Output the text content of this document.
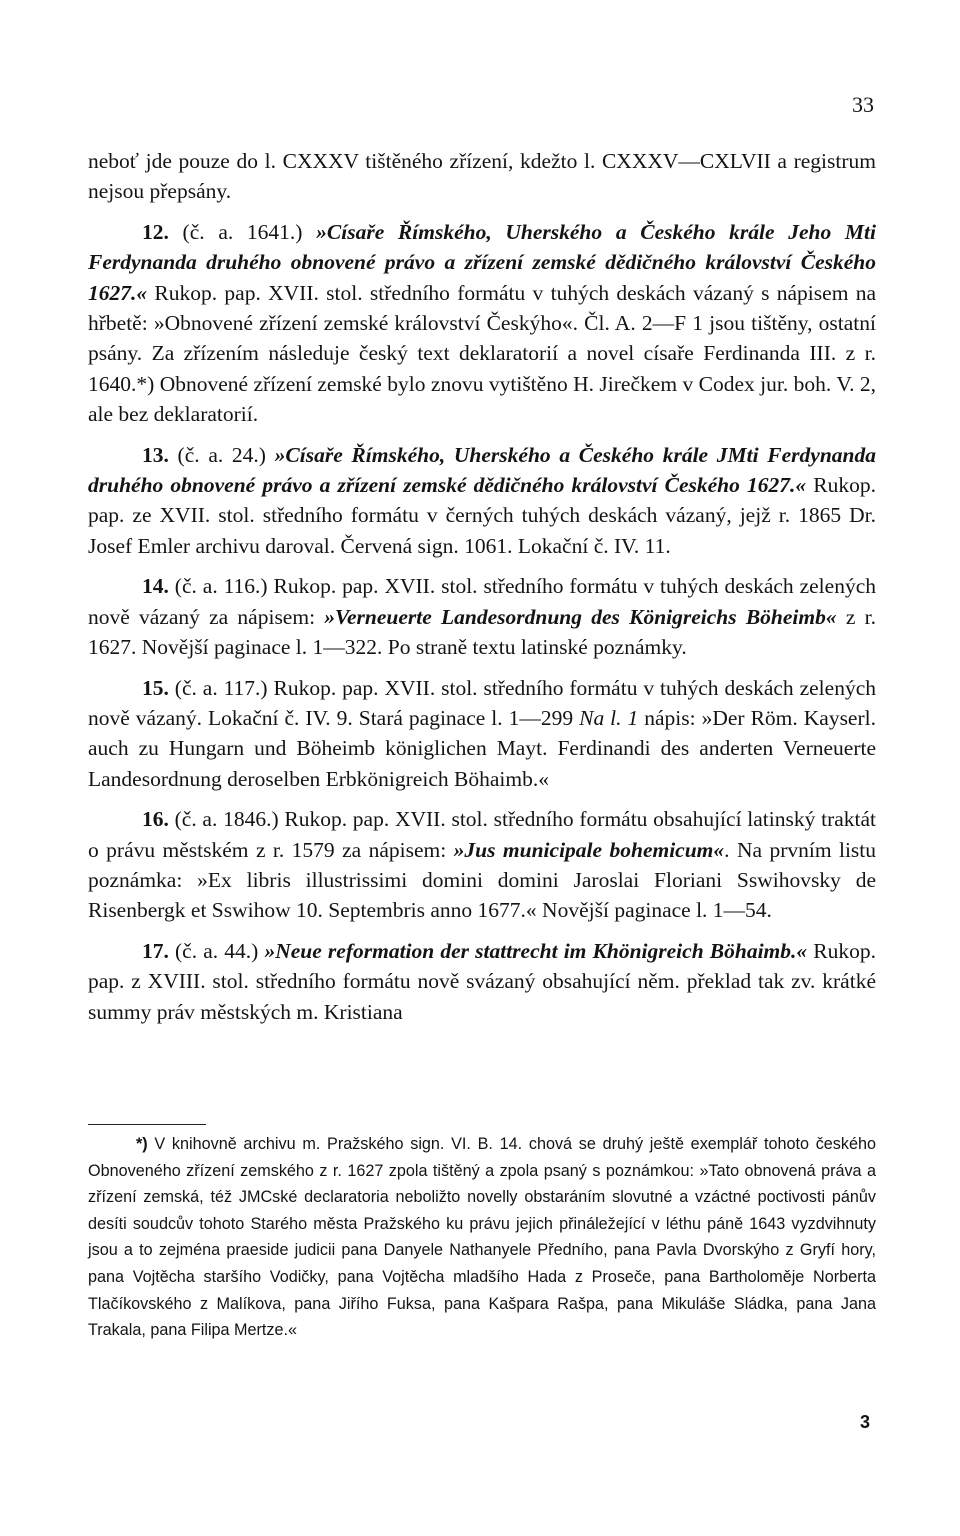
33

neboť jde pouze do l. CXXXV tištěného zřízení, kdežto l. CXXXV—CXLVII a registrum nejsou přepsány.

12. (č. a. 1641.) »Císaře Římského, Uherského a Českého krále Jeho Mti Ferdynanda druhého obnovené právo a zřízení zemské dědičného království Českého 1627.« Rukop. pap. XVII. stol. středního formátu v tuhých deskách vázaný s nápisem na hřbetě: »Obnovené zřízení zemské království Českýho«. Čl. A. 2—F 1 jsou tištěny, ostatní psány. Za zřízením následuje český text deklaratorií a novel císaře Ferdinanda III. z r. 1640.*) Obnovené zřízení zemské bylo znovu vytištěno H. Jirečkem v Codex jur. boh. V. 2, ale bez deklaratorií.

13. (č. a. 24.) »Císaře Římského, Uherského a Českého krále JMti Ferdynanda druhého obnovené právo a zřízení zemské dědičného království Českého 1627.« Rukop. pap. ze XVII. stol. středního formátu v černých tuhých deskách vázaný, jejž r. 1865 Dr. Josef Emler archivu daroval. Červená sign. 1061. Lokační č. IV. 11.

14. (č. a. 116.) Rukop. pap. XVII. stol. středního formátu v tuhých deskách zelených nově vázaný za nápisem: »Verneuerte Landesordnung des Königreichs Böheimb« z r. 1627. Novější paginace l. 1—322. Po straně textu latinské poznámky.

15. (č. a. 117.) Rukop. pap. XVII. stol. středního formátu v tuhých deskách zelených nově vázaný. Lokační č. IV. 9. Stará paginace l. 1—299 Na l. 1 nápis: »Der Röm. Kayserl. auch zu Hungarn und Böheimb königlichen Mayt. Ferdinandi des anderten Verneuerte Landesordnung deroselben Erbkönigreich Böhaimb.«

16. (č. a. 1846.) Rukop. pap. XVII. stol. středního formátu obsahující latinský traktát o právu městském z r. 1579 za nápisem: »Jus municipale bohemicum«. Na prvním listu poznámka: »Ex libris illustrissimi domini domini Jaroslai Floriani Sswihovsky de Risenbergk et Sswihow 10. Septembris anno 1677.« Novější paginace l. 1—54.

17. (č. a. 44.) »Neue reformation der stattrecht im Khönigreich Böhaimb.« Rukop. pap. z XVIII. stol. středního formátu nově svázaný obsahující něm. překlad tak zv. krátké summy práv městských m. Kristiana

*) V knihovně archivu m. Pražského sign. VI. B. 14. chová se druhý ještě exemplář tohoto českého Obnoveného zřízení zemského z r. 1627 zpola tištěný a zpola psaný s poznámkou: »Tato obnovená práva a zřízení zemská, též JMCské declaratoria neboližto novelly obstaráním slovutné a vzáctné poctivosti pánův desíti soudcův tohoto Starého města Pražského ku právu jejich přináležející v léthu páně 1643 vyzdvihnuty jsou a to zejména praeside judicii pana Danyele Nathanyele Předního, pana Pavla Dvorskýho z Gryfí hory, pana Vojtěcha staršího Vodičky, pana Vojtěcha mladšího Hada z Proseče, pana Bartholoměje Norberta Tlačíkovského z Malíkova, pana Jiřího Fuksa, pana Kašpara Rašpa, pana Mikuláše Sládka, pana Jana Trakala, pana Filipa Mertze.«
3
